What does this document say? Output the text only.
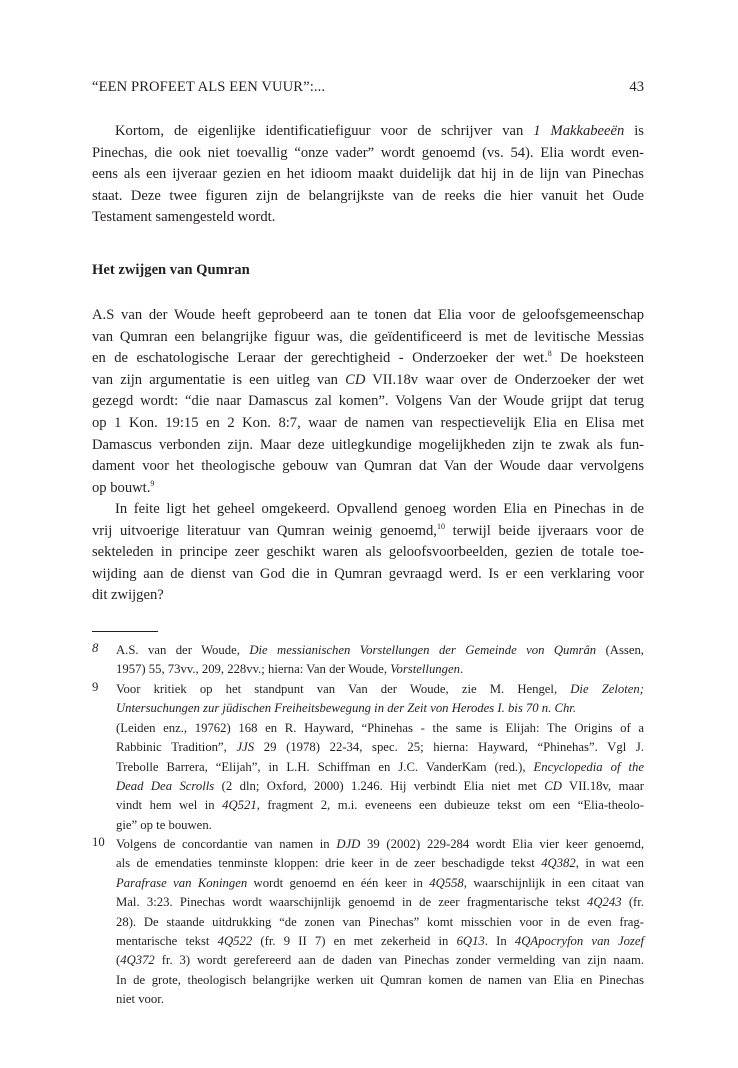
“EEN PROFEET ALS EEN VUUR”:...	43
Kortom, de eigenlijke identificatiefiguur voor de schrijver van 1 Makkabeeën is
Pinechas, die ook niet toevallig “onze vader” wordt genoemd (vs. 54). Elia wordt even-
eens als een ijveraar gezien en het idioom maakt duidelijk dat hij in de lijn van Pinechas
staat. Deze twee figuren zijn de belangrijkste van de reeks die hier vanuit het Oude
Testament samengesteld wordt.
Het zwijgen van Qumran
A.S van der Woude heeft geprobeerd aan te tonen dat Elia voor de geloofsgemeenschap
van Qumran een belangrijke figuur was, die geïdentificeerd is met de levitische Messias
en de eschatologische Leraar der gerechtigheid - Onderzoeker der wet.$^8$ De hoeksteen
van zijn argumentatie is een uitleg van CD VII.18v waar over de Onderzoeker der wet
gezegd wordt: “die naar Damascus zal komen”. Volgens Van der Woude grijpt dat terug
op 1 Kon. 19:15 en 2 Kon. 8:7, waar de namen van respectievelijk Elia en Elisa met
Damascus verbonden zijn. Maar deze uitlegkundige mogelijkheden zijn te zwak als fun-
dament voor het theologische gebouw van Qumran dat Van der Woude daar vervolgens
op bouwt.$^9$
In feite ligt het geheel omgekeerd. Opvallend genoeg worden Elia en Pinechas in de
vrij uitvoerige literatuur van Qumran weinig genoemd,$^{10}$ terwijl beide ijveraars voor de
sekteleden in principe zeer geschikt waren als geloofsvoorbeelden, gezien de totale toe-
wijding aan de dienst van God die in Qumran gevraagd werd. Is er een verklaring voor
dit zwijgen?
8	A.S. van der Woude, Die messianischen Vorstellungen der Gemeinde von Qumrân (Assen,
1957) 55, 73vv., 209, 228vv.; hierna: Van der Woude, Vorstellungen.
9	Voor kritiek op het standpunt van Van der Woude, zie M. Hengel, Die Zeloten;
Untersuchungen zur jüdischen Freiheitsbewegung in der Zeit von Herodes I. bis 70 n. Chr.
(Leiden enz., 19762) 168 en R. Hayward, “Phinehas - the same is Elijah: The Origins of a
Rabbinic Tradition”, JJS 29 (1978) 22-34, spec. 25; hierna: Hayward, “Phinehas”. Vgl J.
Trebolle Barrera, “Elijah”, in L.H. Schiffman en J.C. VanderKam (red.), Encyclopedia of the
Dead Dea Scrolls (2 dln; Oxford, 2000) 1.246. Hij verbindt Elia niet met CD VII.18v, maar
vindt hem wel in 4Q521, fragment 2, m.i. eveneens een dubieuze tekst om een “Elia-theolo-
gie” op te bouwen.
10 Volgens de concordantie van namen in DJD 39 (2002) 229-284 wordt Elia vier keer genoemd,
als de emendaties tenminste kloppen: drie keer in de zeer beschadigde tekst 4Q382, in wat een
Parafrase van Koningen wordt genoemd en één keer in 4Q558, waarschijnlijk in een citaat van
Mal. 3:23. Pinechas wordt waarschijnlijk genoemd in de zeer fragmentarische tekst 4Q243 (fr.
28). De staande uitdrukking “de zonen van Pinechas” komt misschien voor in de even frag-
mentarische tekst 4Q522 (fr. 9 II 7) en met zekerheid in 6Q13. In 4QApocryfon van Jozef
(4Q372 fr. 3) wordt gerefereerd aan de daden van Pinechas zonder vermelding van zijn naam.
In de grote, theologisch belangrijke werken uit Qumran komen de namen van Elia en Pinechas
niet voor.
